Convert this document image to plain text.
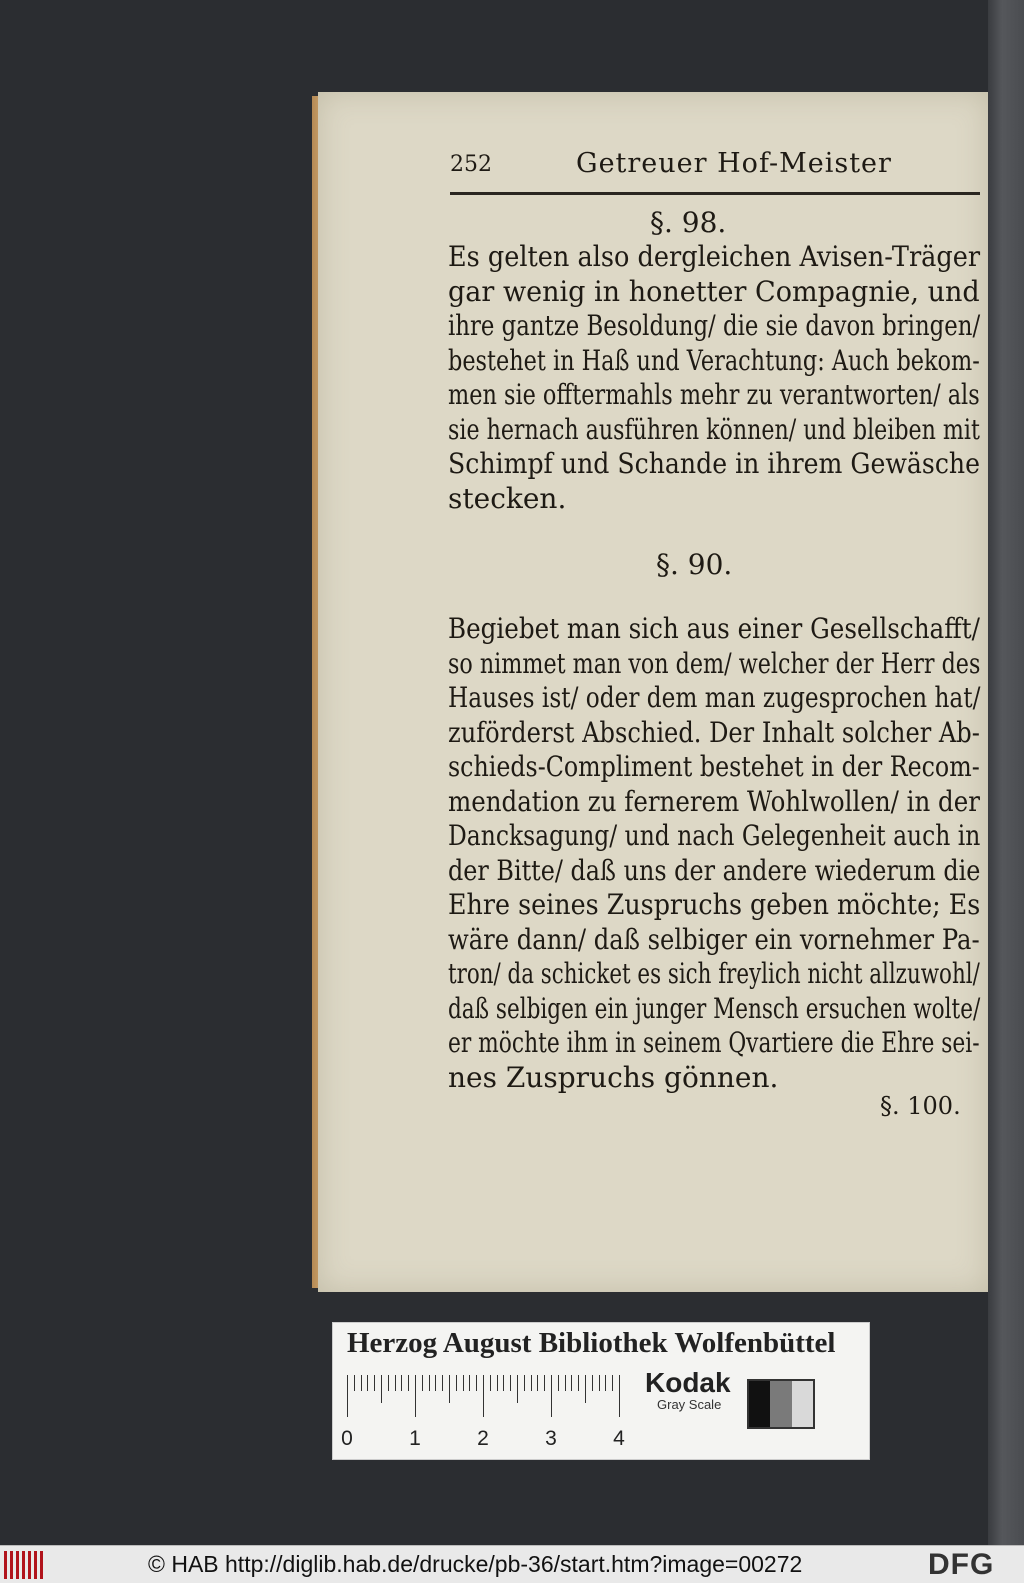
252	Getreuer Hof-Meister
§. 98.
Es gelten also dergleichen Avisen-Träger
gar wenig in honetter Compagnie, und
ihre gantze Besoldung/ die sie davon bringen/
bestehet in Haß und Verachtung: Auch bekom-
men sie offtermahls mehr zu verantworten/ als
sie hernach ausführen können/ und bleiben mit
Schimpf und Schande in ihrem Gewäsche
stecken.
§. 90.
Begiebet man sich aus einer Gesellschafft/
so nimmet man von dem/ welcher der Herr des
Hauses ist/ oder dem man zugesprochen hat/
zuförderst Abschied. Der Inhalt solcher Ab-
schieds-Compliment bestehet in der Recom-
mendation zu fernerem Wohlwollen/ in der
Dancksagung/ und nach Gelegenheit auch in
der Bitte/ daß uns der andere wiederum die
Ehre seines Zuspruchs geben möchte; Es
wäre dann/ daß selbiger ein vornehmer Pa-
tron/ da schicket es sich freylich nicht allzuwohl/
daß selbigen ein junger Mensch ersuchen wolte/
er möchte ihm in seinem Qvartiere die Ehre sei-
nes Zuspruchs gönnen.
§. 100.
Herzog August Bibliothek Wolfenbüttel
0	1	2	3	4
Kodak
Gray Scale
© HAB http://diglib.hab.de/drucke/pb-36/start.htm?image=00272	DFG
